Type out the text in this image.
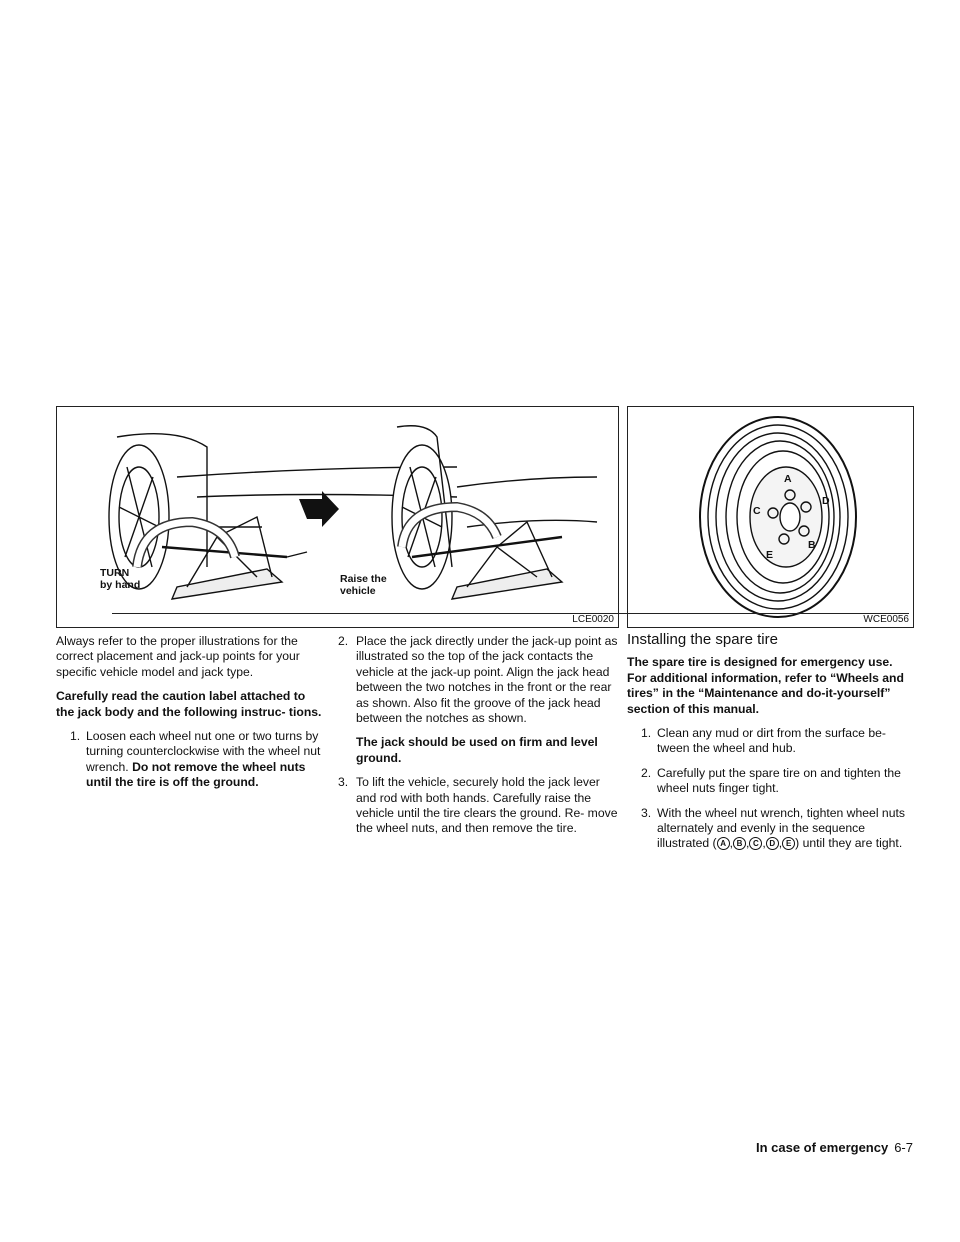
TURN
by hand	Raise the
vehicle
LCE0020
A
B
C
D
E
WCE0056

Always refer to the proper illustrations for the correct placement and jack-up points for your specific vehicle model and jack type.

Carefully read the caution label attached to the jack body and the following instruc- tions.

1. Loosen each wheel nut one or two turns by turning counterclockwise with the wheel nut wrench. Do not remove the wheel nuts until the tire is off the ground.
2. Place the jack directly under the jack-up point as illustrated so the top of the jack contacts the vehicle at the jack-up point. Align the jack head between the two notches in the front or the rear as shown. Also fit the groove of the jack head between the notches as shown.

The jack should be used on firm and level ground.

3. To lift the vehicle, securely hold the jack lever and rod with both hands. Carefully raise the vehicle until the tire clears the ground. Re- move the wheel nuts, and then remove the tire.
Installing the spare tire

The spare tire is designed for emergency use. For additional information, refer to “Wheels and tires” in the “Maintenance and do-it-yourself” section of this manual.

1. Clean any mud or dirt from the surface be- tween the wheel and hub.
2. Carefully put the spare tire on and tighten the wheel nuts finger tight.
3. With the wheel nut wrench, tighten wheel nuts alternately and evenly in the sequence illustrated ( A , B , C , D , E ) until they are tight.
In case of emergency 6-7
